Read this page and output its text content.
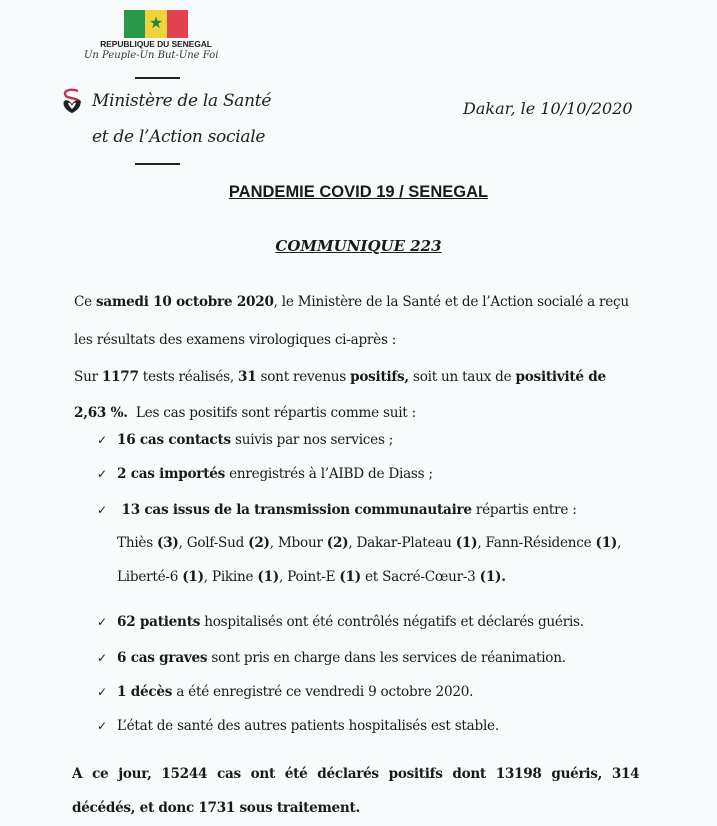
★
REPUBLIQUE DU SENEGAL
Un Peuple-Un But-Une Foi
Ministère de la Santé
et de l’Action sociale
Dakar, le 10/10/2020
PANDEMIE COVID 19 / SENEGAL
COMMUNIQUE 223
Ce samedi 10 octobre 2020, le Ministère de la Santé et de l’Action socialé a reçu
les résultats des examens virologiques ci-après :
Sur 1177 tests réalisés, 31 sont revenus positifs, soit un taux de positivité de
2,63 %.  Les cas positifs sont répartis comme suit :
✓ 16 cas contacts suivis par nos services ;
✓ 2 cas importés enregistrés à l’AIBD de Diass ;
✓ 13 cas issus de la transmission communautaire répartis entre :
Thiès (3), Golf-Sud (2), Mbour (2), Dakar-Plateau (1), Fann-Résidence (1),
Liberté-6 (1), Pikine (1), Point-E (1) et Sacré-Cœur-3 (1).
✓ 62 patients hospitalisés ont été contrôlés négatifs et déclarés guéris.
✓ 6 cas graves sont pris en charge dans les services de réanimation.
✓ 1 décès a été enregistré ce vendredi 9 octobre 2020.
✓ L’état de santé des autres patients hospitalisés est stable.
A ce jour, 15244 cas ont été déclarés positifs dont 13198 guéris, 314
décédés, et donc 1731 sous traitement.
